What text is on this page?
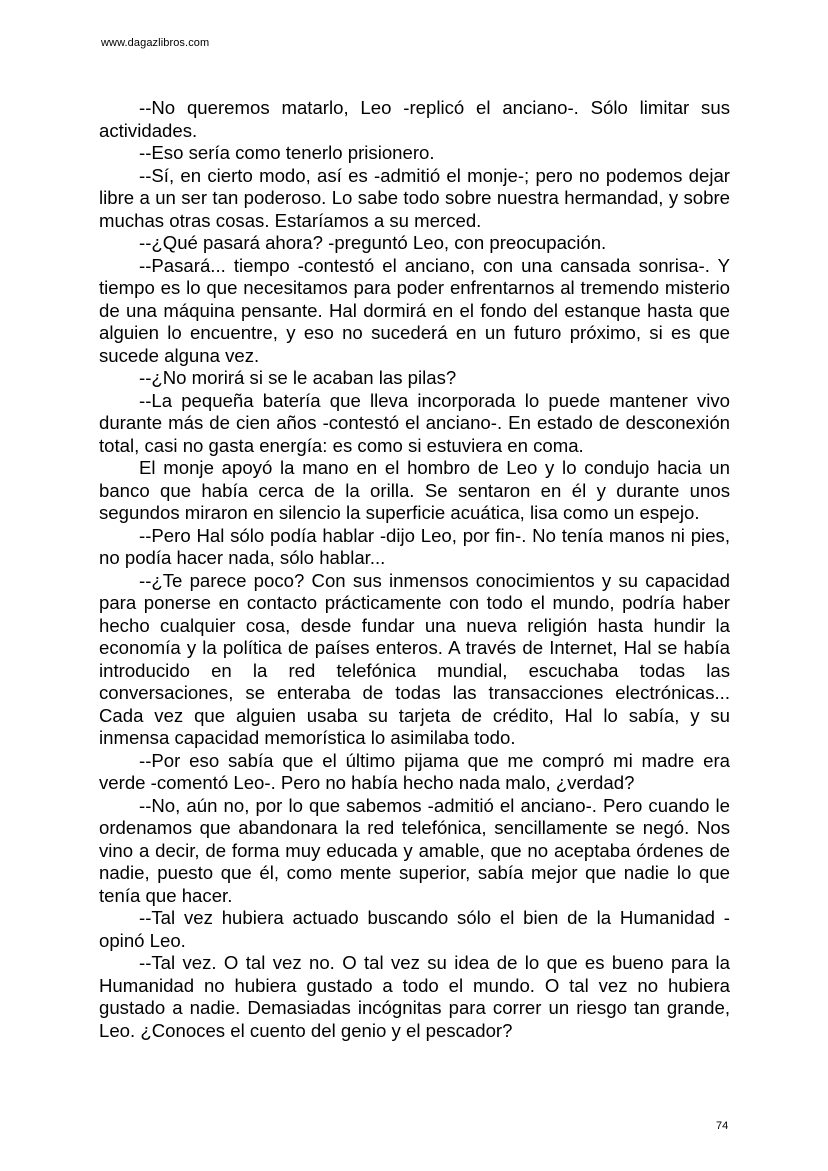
www.dagazlibros.com

--No queremos matarlo, Leo -replicó el anciano-. Sólo limitar sus actividades.

--Eso sería como tenerlo prisionero.

--Sí, en cierto modo, así es -admitió el monje-; pero no podemos dejar libre a un ser tan poderoso. Lo sabe todo sobre nuestra hermandad, y sobre muchas otras cosas. Estaríamos a su merced.

--¿Qué pasará ahora? -preguntó Leo, con preocupación.

--Pasará... tiempo -contestó el anciano, con una cansada sonrisa-. Y tiempo es lo que necesitamos para poder enfrentarnos al tremendo misterio de una máquina pensante. Hal dormirá en el fondo del estanque hasta que alguien lo encuentre, y eso no sucederá en un futuro próximo, si es que sucede alguna vez.

--¿No morirá si se le acaban las pilas?

--La pequeña batería que lleva incorporada lo puede mantener vivo durante más de cien años -contestó el anciano-. En estado de desconexión total, casi no gasta energía: es como si estuviera en coma.

El monje apoyó la mano en el hombro de Leo y lo condujo hacia un banco que había cerca de la orilla. Se sentaron en él y durante unos segundos miraron en silencio la superficie acuática, lisa como un espejo.

--Pero Hal sólo podía hablar -dijo Leo, por fin-. No tenía manos ni pies, no podía hacer nada, sólo hablar...

--¿Te parece poco? Con sus inmensos conocimientos y su capacidad para ponerse en contacto prácticamente con todo el mundo, podría haber hecho cualquier cosa, desde fundar una nueva religión hasta hundir la economía y la política de países enteros. A través de Internet, Hal se había introducido en la red telefónica mundial, escuchaba todas las conversaciones, se enteraba de todas las transacciones electrónicas... Cada vez que alguien usaba su tarjeta de crédito, Hal lo sabía, y su inmensa capacidad memorística lo asimilaba todo.

--Por eso sabía que el último pijama que me compró mi madre era verde -comentó Leo-. Pero no había hecho nada malo, ¿verdad?

--No, aún no, por lo que sabemos -admitió el anciano-. Pero cuando le ordenamos que abandonara la red telefónica, sencillamente se negó. Nos vino a decir, de forma muy educada y amable, que no aceptaba órdenes de nadie, puesto que él, como mente superior, sabía mejor que nadie lo que tenía que hacer.

--Tal vez hubiera actuado buscando sólo el bien de la Humanidad -opinó Leo.

--Tal vez. O tal vez no. O tal vez su idea de lo que es bueno para la Humanidad no hubiera gustado a todo el mundo. O tal vez no hubiera gustado a nadie. Demasiadas incógnitas para correr un riesgo tan grande, Leo. ¿Conoces el cuento del genio y el pescador?

74
